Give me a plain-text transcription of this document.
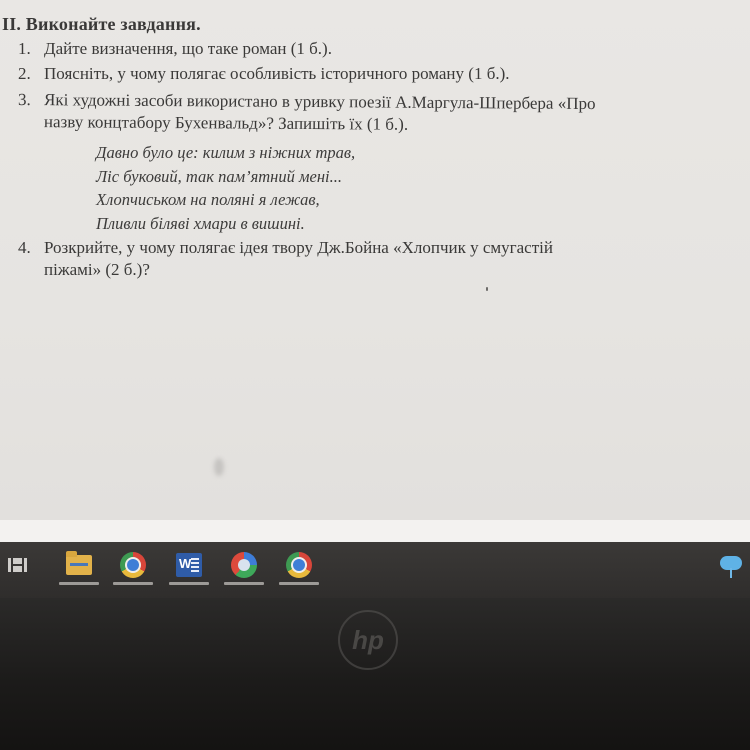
ІІ. Виконайте завдання.
1. Дайте визначення, що таке роман (1 б.).
2. Поясніть, у чому полягає особливість історичного роману (1 б.).
3. Які художні засоби використано в уривку поезії А.Маргула-Шпербера «Про
назву концтабору Бухенвальд»? Запишіть їх (1 б.).
Давно було це: килим з ніжних трав,
Ліс буковий, так пам’ятний мені...
Хлопчиськом на поляні я лежав,
Пливли біляві хмари в вишині.
4. Розкрийте, у чому полягає ідея твору Дж.Бойна «Хлопчик у смугастій
піжамі» (2 б.)?
W
hp
